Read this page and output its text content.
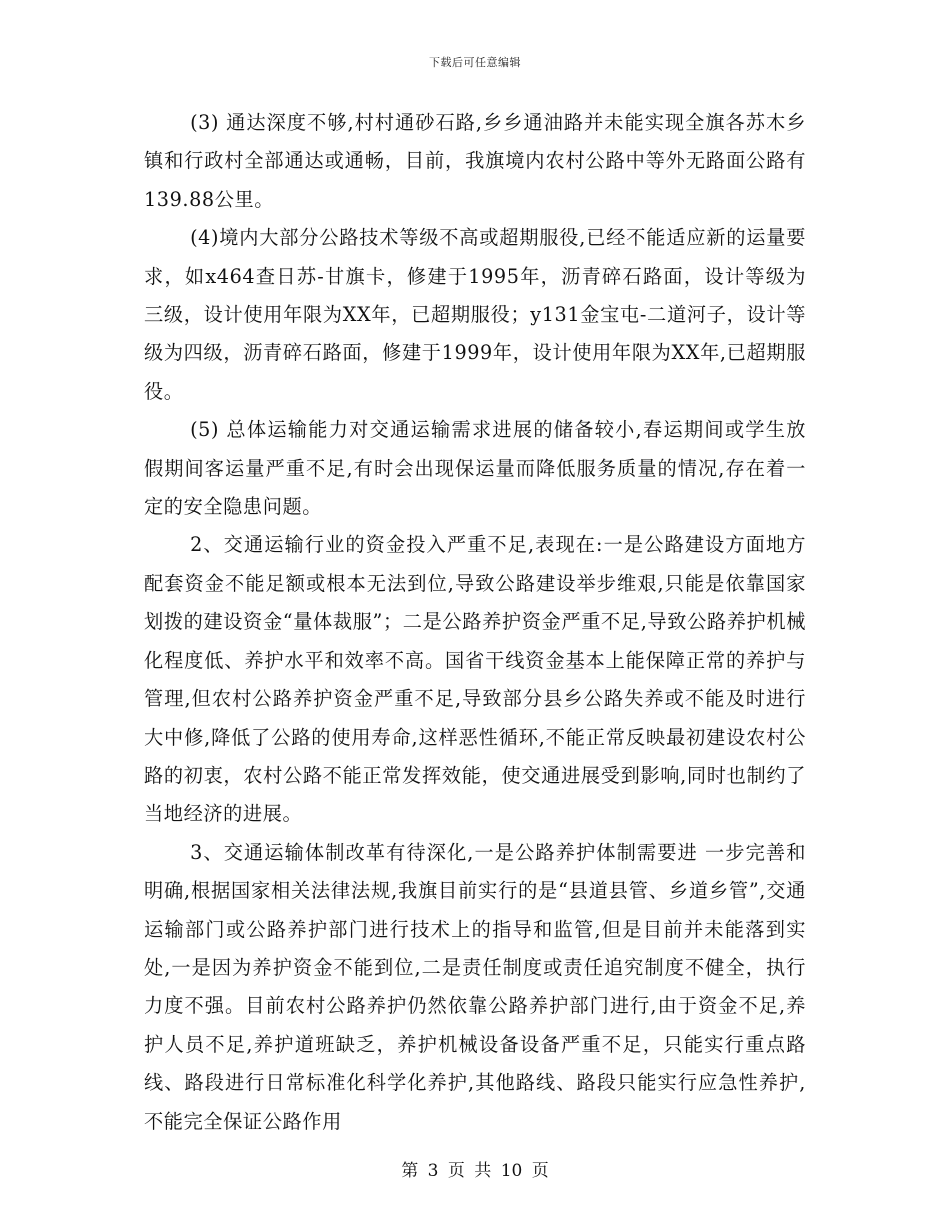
下载后可任意编辑

(3) 通达深度不够,村村通砂石路,乡乡通油路并未能实现全旗各苏木乡镇和行政村全部通达或通畅，目前，我旗境内农村公路中等外无路面公路有139.88公里。

(4)境内大部分公路技术等级不高或超期服役,已经不能适应新的运量要求，如x464查日苏-甘旗卡，修建于1995年，沥青碎石路面，设计等级为三级，设计使用年限为XX年，已超期服役；y131金宝屯-二道河子，设计等级为四级，沥青碎石路面，修建于1999年，设计使用年限为XX年,已超期服役。

(5) 总体运输能力对交通运输需求进展的储备较小,春运期间或学生放假期间客运量严重不足,有时会出现保运量而降低服务质量的情况,存在着一定的安全隐患问题。

2、交通运输行业的资金投入严重不足,表现在:一是公路建设方面地方配套资金不能足额或根本无法到位,导致公路建设举步维艰,只能是依靠国家划拨的建设资金“量体裁服”；二是公路养护资金严重不足,导致公路养护机械化程度低、养护水平和效率不高。国省干线资金基本上能保障正常的养护与管理,但农村公路养护资金严重不足,导致部分县乡公路失养或不能及时进行大中修,降低了公路的使用寿命,这样恶性循环,不能正常反映最初建设农村公路的初衷，农村公路不能正常发挥效能，使交通进展受到影响,同时也制约了当地经济的进展。

3、交通运输体制改革有待深化,一是公路养护体制需要进 一步完善和明确,根据国家相关法律法规,我旗目前实行的是“县道县管、乡道乡管”,交通运输部门或公路养护部门进行技术上的指导和监管,但是目前并未能落到实处,一是因为养护资金不能到位,二是责任制度或责任追究制度不健全，执行力度不强。目前农村公路养护仍然依靠公路养护部门进行,由于资金不足,养护人员不足,养护道班缺乏，养护机械设备设备严重不足，只能实行重点路线、路段进行日常标准化科学化养护,其他路线、路段只能实行应急性养护,不能完全保证公路作用

第 3 页 共 10 页
